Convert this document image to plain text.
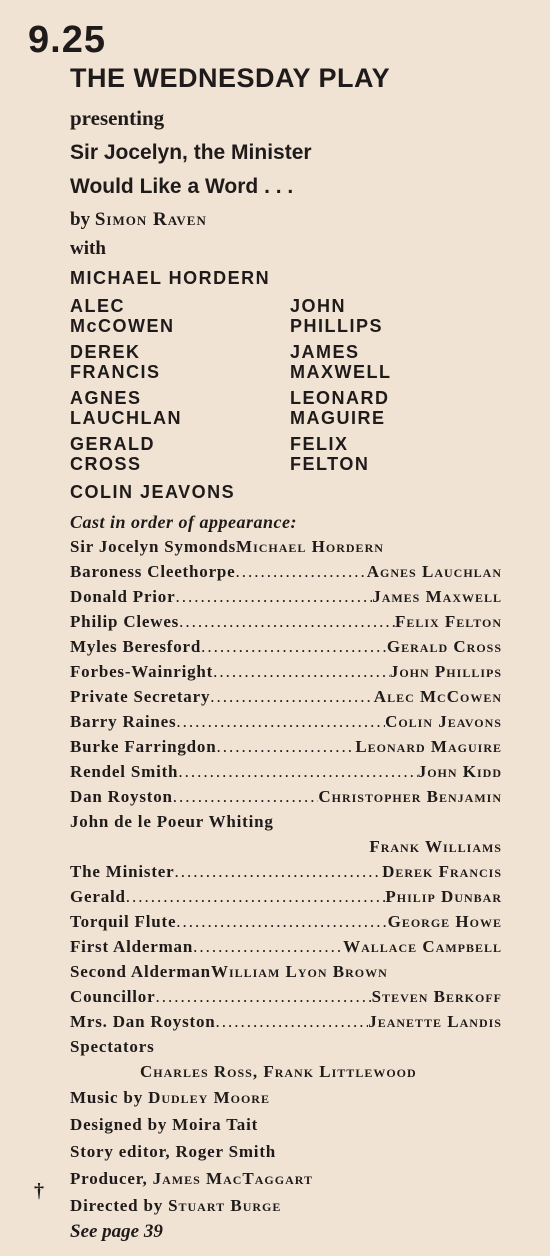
9.25
THE WEDNESDAY PLAY
presenting
Sir Jocelyn, the Minister
Would Like a Word . . .
by Simon Raven
with
MICHAEL HORDERN
ALEC
McCOWEN
JOHN
PHILLIPS
DEREK
FRANCIS
JAMES
MAXWELL
AGNES
LAUCHLAN
LEONARD
MAGUIRE
GERALD
CROSS
FELIX
FELTON
COLIN JEAVONS
Cast in order of appearance:
Sir Jocelyn Symonds Michael Hordern
Baroness Cleethorpe .....	Agnes Lauchlan
Donald Prior .....	James Maxwell
Philip Clewes .....	Felix Felton
Myles Beresford .....	Gerald Cross
Forbes-Wainright .....	John Phillips
Private Secretary .....	Alec McCowen
Barry Raines .....	Colin Jeavons
Burke Farringdon .....	Leonard Maguire
Rendel Smith .....	John Kidd
Dan Royston .....	Christopher Benjamin
John de le Poeur Whiting
Frank Williams
The Minister .....	Derek Francis
Gerald .....	Philip Dunbar
Torquil Flute .....	George Howe
First Alderman .....	Wallace Campbell
Second Alderman William Lyon Brown
Councillor .....	Steven Berkoff
Mrs. Dan Royston .....	Jeanette Landis
Spectators
Charles Ross, Frank Littlewood
Music by Dudley Moore
Designed by Moira Tait
Story editor, Roger Smith
Producer, James MacTaggart
Directed by Stuart Burge
See page 39
†
